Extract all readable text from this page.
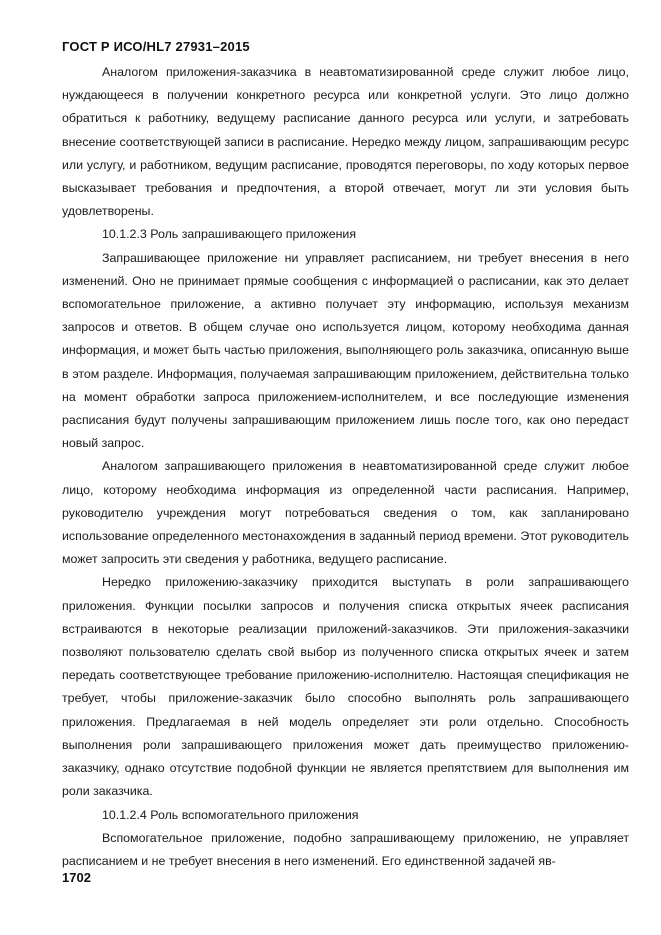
ГОСТ Р ИСО/HL7 27931–2015

Аналогом приложения-заказчика в неавтоматизированной среде служит любое лицо, нуждающееся в получении конкретного ресурса или конкретной услуги. Это лицо должно обратиться к работнику, ведущему расписание данного ресурса или услуги, и затребовать внесение соответствующей записи в расписание. Нередко между лицом, запрашивающим ресурс или услугу, и работником, ведущим расписание, проводятся переговоры, по ходу которых первое высказывает требования и предпочтения, а второй отвечает, могут ли эти условия быть удовлетворены.

10.1.2.3 Роль запрашивающего приложения

Запрашивающее приложение ни управляет расписанием, ни требует внесения в него изменений. Оно не принимает прямые сообщения с информацией о расписании, как это делает вспомогательное приложение, а активно получает эту информацию, используя механизм запросов и ответов. В общем случае оно используется лицом, которому необходима данная информация, и может быть частью приложения, выполняющего роль заказчика, описанную выше в этом разделе. Информация, получаемая запрашивающим приложением, действительна только на момент обработки запроса приложением-исполнителем, и все последующие изменения расписания будут получены запрашивающим приложением лишь после того, как оно передаст новый запрос.

Аналогом запрашивающего приложения в неавтоматизированной среде служит любое лицо, которому необходима информация из определенной части расписания. Например, руководителю учреждения могут потребоваться сведения о том, как запланировано использование определенного местонахождения в заданный период времени. Этот руководитель может запросить эти сведения у работника, ведущего расписание.

Нередко приложению-заказчику приходится выступать в роли запрашивающего приложения. Функции посылки запросов и получения списка открытых ячеек расписания встраиваются в некоторые реализации приложений-заказчиков. Эти приложения-заказчики позволяют пользователю сделать свой выбор из полученного списка открытых ячеек и затем передать соответствующее требование приложению-исполнителю. Настоящая спецификация не требует, чтобы приложение-заказчик было способно выполнять роль запрашивающего приложения. Предлагаемая в ней модель определяет эти роли отдельно. Способность выполнения роли запрашивающего приложения может дать преимущество приложению-заказчику, однако отсутствие подобной функции не является препятствием для выполнения им роли заказчика.

10.1.2.4 Роль вспомогательного приложения

Вспомогательное приложение, подобно запрашивающему приложению, не управляет расписанием и не требует внесения в него изменений. Его единственной задачей яв-

1702
